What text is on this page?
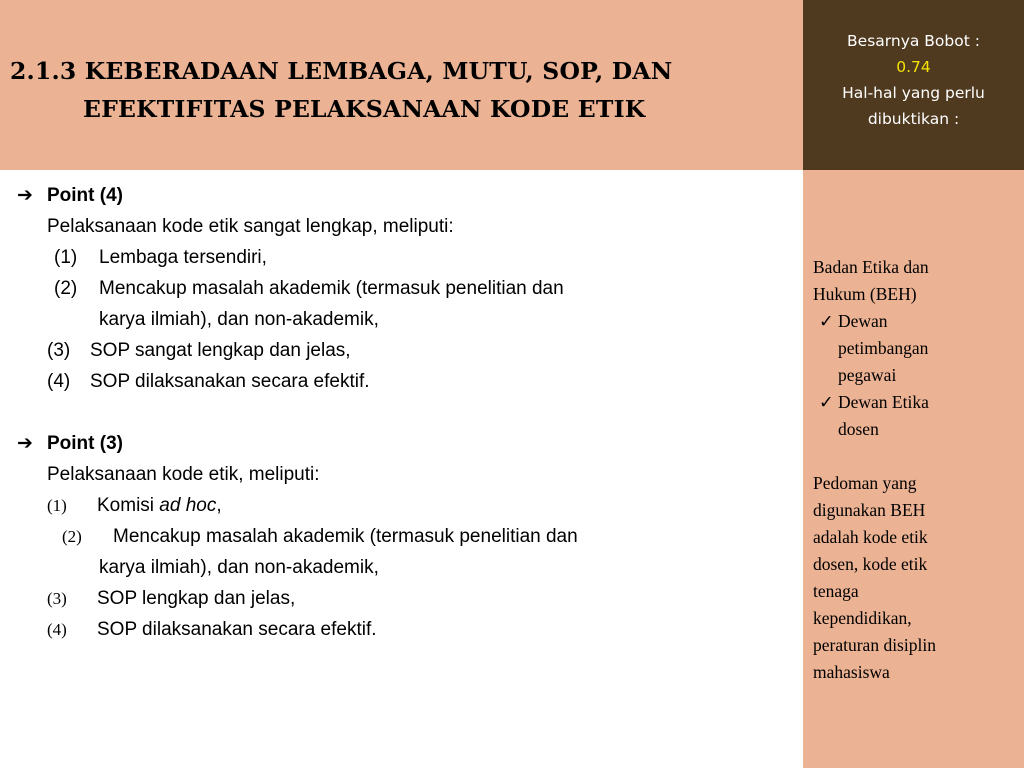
2.1.3 KEBERADAAN LEMBAGA, MUTU, SOP, DAN
EFEKTIFITAS PELAKSANAAN KODE ETIK
Besarnya Bobot :
0.74
Hal-hal yang perlu
dibuktikan :
➔ Point (4)
Pelaksanaan kode etik sangat lengkap, meliputi:
(1) Lembaga tersendiri,
(2) Mencakup masalah akademik (termasuk penelitian dan
karya ilmiah), dan non-akademik,
(3) SOP sangat lengkap dan jelas,
(4) SOP dilaksanakan secara efektif.
➔ Point (3)
Pelaksanaan kode etik, meliputi:
(1) Komisi ad hoc,
(2) Mencakup masalah akademik (termasuk penelitian dan
karya ilmiah), dan non-akademik,
(3) SOP lengkap dan jelas,
(4) SOP dilaksanakan secara efektif.
Badan Etika dan
Hukum (BEH)
✓ Dewan
petimbangan
pegawai
✓ Dewan Etika
dosen
Pedoman yang
digunakan BEH
adalah kode etik
dosen, kode etik
tenaga
kependidikan,
peraturan disiplin
mahasiswa
